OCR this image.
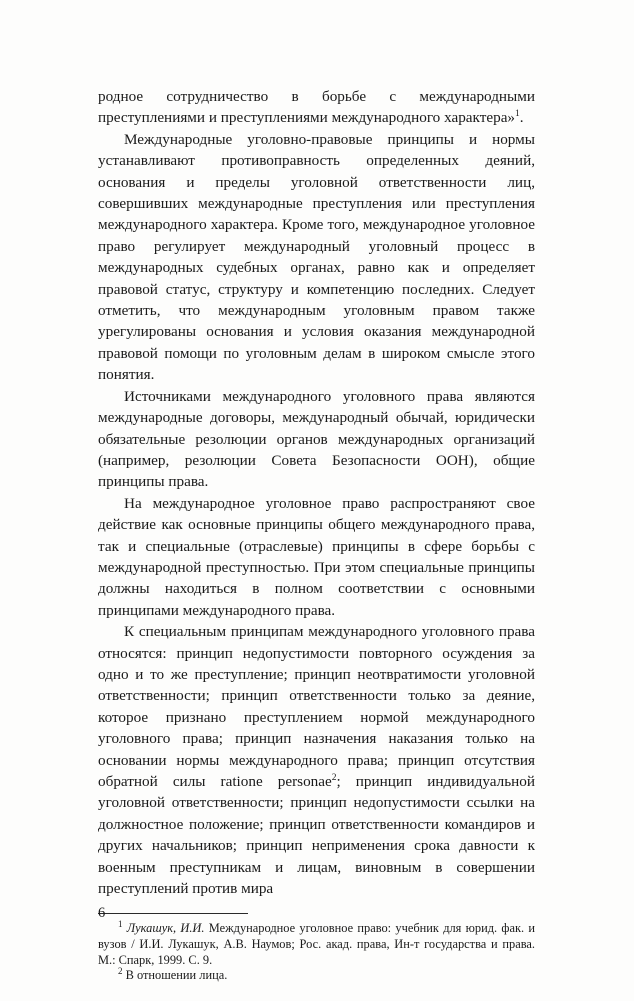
родное сотрудничество в борьбе с международными преступлениями и преступлениями международного характера»$^1$.

Международные уголовно-правовые принципы и нормы устанавливают противоправность определенных деяний, основания и пределы уголовной ответственности лиц, совершивших международные преступления или преступления международного характера. Кроме того, международное уголовное право регулирует международный уголовный процесс в международных судебных органах, равно как и определяет правовой статус, структуру и компетенцию последних. Следует отметить, что международным уголовным правом также урегулированы основания и условия оказания международной правовой помощи по уголовным делам в широком смысле этого понятия.

Источниками международного уголовного права являются международные договоры, международный обычай, юридически обязательные резолюции органов международных организаций (например, резолюции Совета Безопасности ООН), общие принципы права.

На международное уголовное право распространяют свое действие как основные принципы общего международного права, так и специальные (отраслевые) принципы в сфере борьбы с международной преступностью. При этом специальные принципы должны находиться в полном соответствии с основными принципами международного права.

К специальным принципам международного уголовного права относятся: принцип недопустимости повторного осуждения за одно и то же преступление; принцип неотвратимости уголовной ответственности; принцип ответственности только за деяние, которое признано преступлением нормой международного уголовного права; принцип назначения наказания только на основании нормы международного права; принцип отсутствия обратной силы ratione personae$^2$; принцип индивидуальной уголовной ответственности; принцип недопустимости ссылки на должностное положение; принцип ответственности командиров и других начальников; принцип неприменения срока давности к военным преступникам и лицам, виновным в совершении преступлений против мира

$^1$ Лукашук, И.И. Международное уголовное право: учебник для юрид. фак. и вузов / И.И. Лукашук, А.В. Наумов; Рос. акад. права, Ин-т государства и права. М.: Спарк, 1999. С. 9.

$^2$ В отношении лица.

6
